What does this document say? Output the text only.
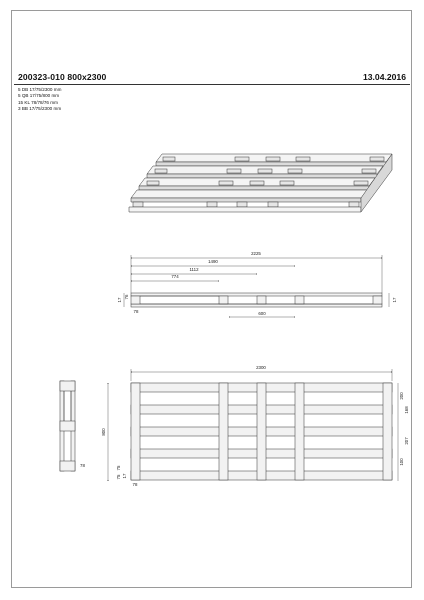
200323-010 800x2300	13.04.2016
5 DB 17/75/2300 mm
5 QB 17/75/800 mm
15 KL 78/78/76 mm
3 BB 17/75/2300 mm
2225
1490
1112
774
600
17
76
17
78
78
2300
800
200
168
207
100
75
17
75
78
